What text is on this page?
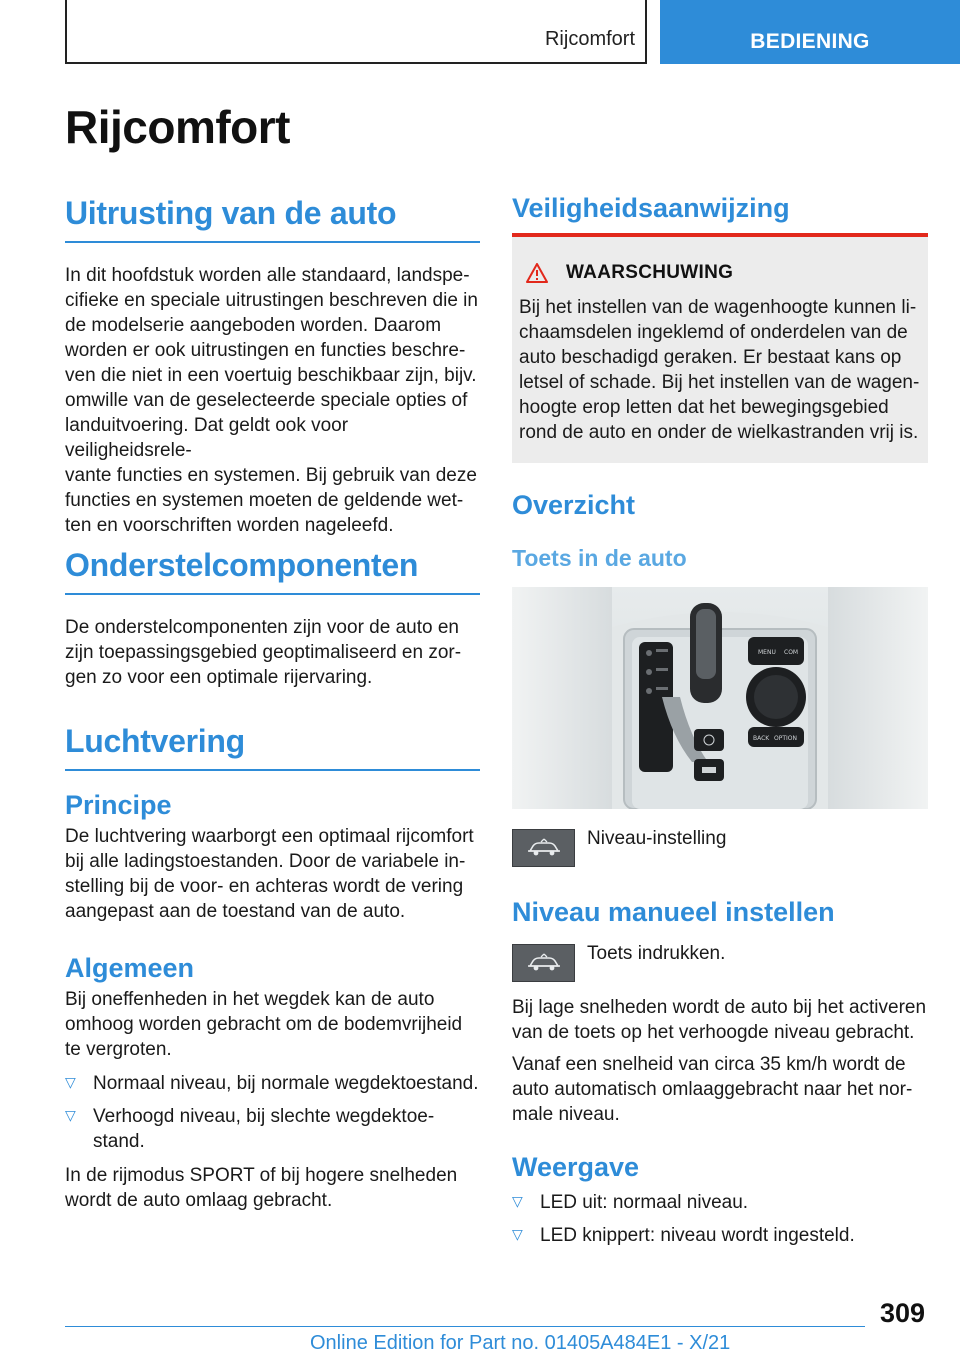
Rijcomfort	BEDIENING
Rijcomfort
Uitrusting van de auto

In dit hoofdstuk worden alle standaard, landspe-

cifieke en speciale uitrustingen beschreven die in

de modelserie aangeboden worden. Daarom

worden er ook uitrustingen en functies beschre-

ven die niet in een voertuig beschikbaar zijn, bijv.

omwille van de geselecteerde speciale opties of

landuitvoering. Dat geldt ook voor veiligheidsrele-

vante functies en systemen. Bij gebruik van deze

functies en systemen moeten de geldende wet-

ten en voorschriften worden nageleefd.

Onderstelcomponenten

De onderstelcomponenten zijn voor de auto en

zijn toepassingsgebied geoptimaliseerd en zor-

gen zo voor een optimale rijervaring.

Luchtvering
Principe

De luchtvering waarborgt een optimaal rijcomfort

bij alle ladingstoestanden. Door de variabele in-

stelling bij de voor- en achteras wordt de vering

aangepast aan de toestand van de auto.

Algemeen

Bij oneffenheden in het wegdek kan de auto

omhoog worden gebracht om de bodemvrijheid

te vergroten.

▽ Normaal niveau, bij normale wegdektoestand.

▽ Verhoogd niveau, bij slechte wegdektoe-

stand.

In de rijmodus SPORT of bij hogere snelheden

wordt de auto omlaag gebracht.

Veiligheidsaanwijzing
WAARSCHUWING

Bij het instellen van de wagenhoogte kunnen li-

chaamsdelen ingeklemd of onderdelen van de

auto beschadigd geraken. Er bestaat kans op

letsel of schade. Bij het instellen van de wagen-

hoogte erop letten dat het bewegingsgebied

rond de auto en onder de wielkastranden vrij is.

Overzicht
Toets in de auto
MENU COM
BACK OPTION
Niveau-instelling
Niveau manueel instellen
Toets indrukken.

Bij lage snelheden wordt de auto bij het activeren

van de toets op het verhoogde niveau gebracht.

Vanaf een snelheid van circa 35 km/h wordt de

auto automatisch omlaaggebracht naar het nor-

male niveau.

Weergave
▽ LED uit: normaal niveau.

▽ LED knippert: niveau wordt ingesteld.

309
Online Edition for Part no. 01405A484E1 - X/21
